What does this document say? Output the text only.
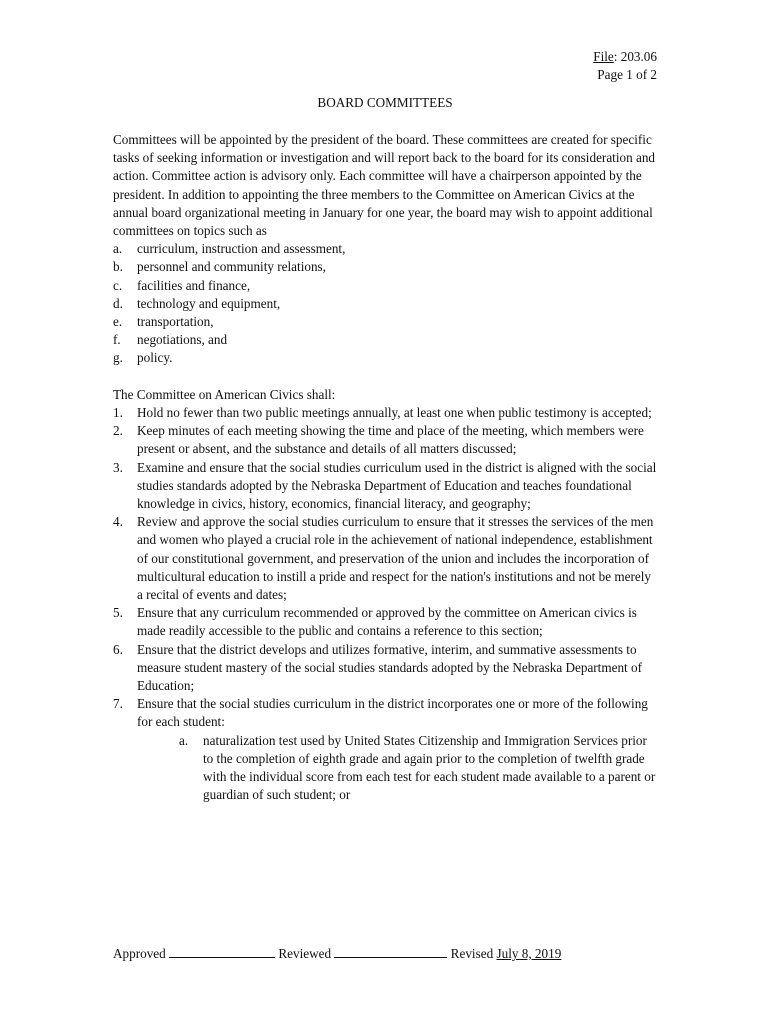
File: 203.06
Page 1 of 2
BOARD COMMITTEES
Committees will be appointed by the president of the board. These committees are created for specific tasks of seeking information or investigation and will report back to the board for its consideration and action. Committee action is advisory only. Each committee will have a chairperson appointed by the president. In addition to appointing the three members to the Committee on American Civics at the annual board organizational meeting in January for one year, the board may wish to appoint additional committees on topics such as
a.	curriculum, instruction and assessment,
b.	personnel and community relations,
c.	facilities and finance,
d.	technology and equipment,
e.	transportation,
f.	negotiations, and
g.	policy.
The Committee on American Civics shall:
1.	Hold no fewer than two public meetings annually, at least one when public testimony is accepted;
2.	Keep minutes of each meeting showing the time and place of the meeting, which members were present or absent, and the substance and details of all matters discussed;
3.	Examine and ensure that the social studies curriculum used in the district is aligned with the social studies standards adopted by the Nebraska Department of Education and teaches foundational knowledge in civics, history, economics, financial literacy, and geography;
4.	Review and approve the social studies curriculum to ensure that it stresses the services of the men and women who played a crucial role in the achievement of national independence, establishment of our constitutional government, and preservation of the union and includes the incorporation of multicultural education to instill a pride and respect for the nation's institutions and not be merely a recital of events and dates;
5.	Ensure that any curriculum recommended or approved by the committee on American civics is made readily accessible to the public and contains a reference to this section;
6.	Ensure that the district develops and utilizes formative, interim, and summative assessments to measure student mastery of the social studies standards adopted by the Nebraska Department of Education;
7.	Ensure that the social studies curriculum in the district incorporates one or more of the following for each student:
a.	naturalization test used by United States Citizenship and Immigration Services prior to the completion of eighth grade and again prior to the completion of twelfth grade with the individual score from each test for each student made available to a parent or guardian of such student; or
Approved	Reviewed	Revised July 8, 2019
